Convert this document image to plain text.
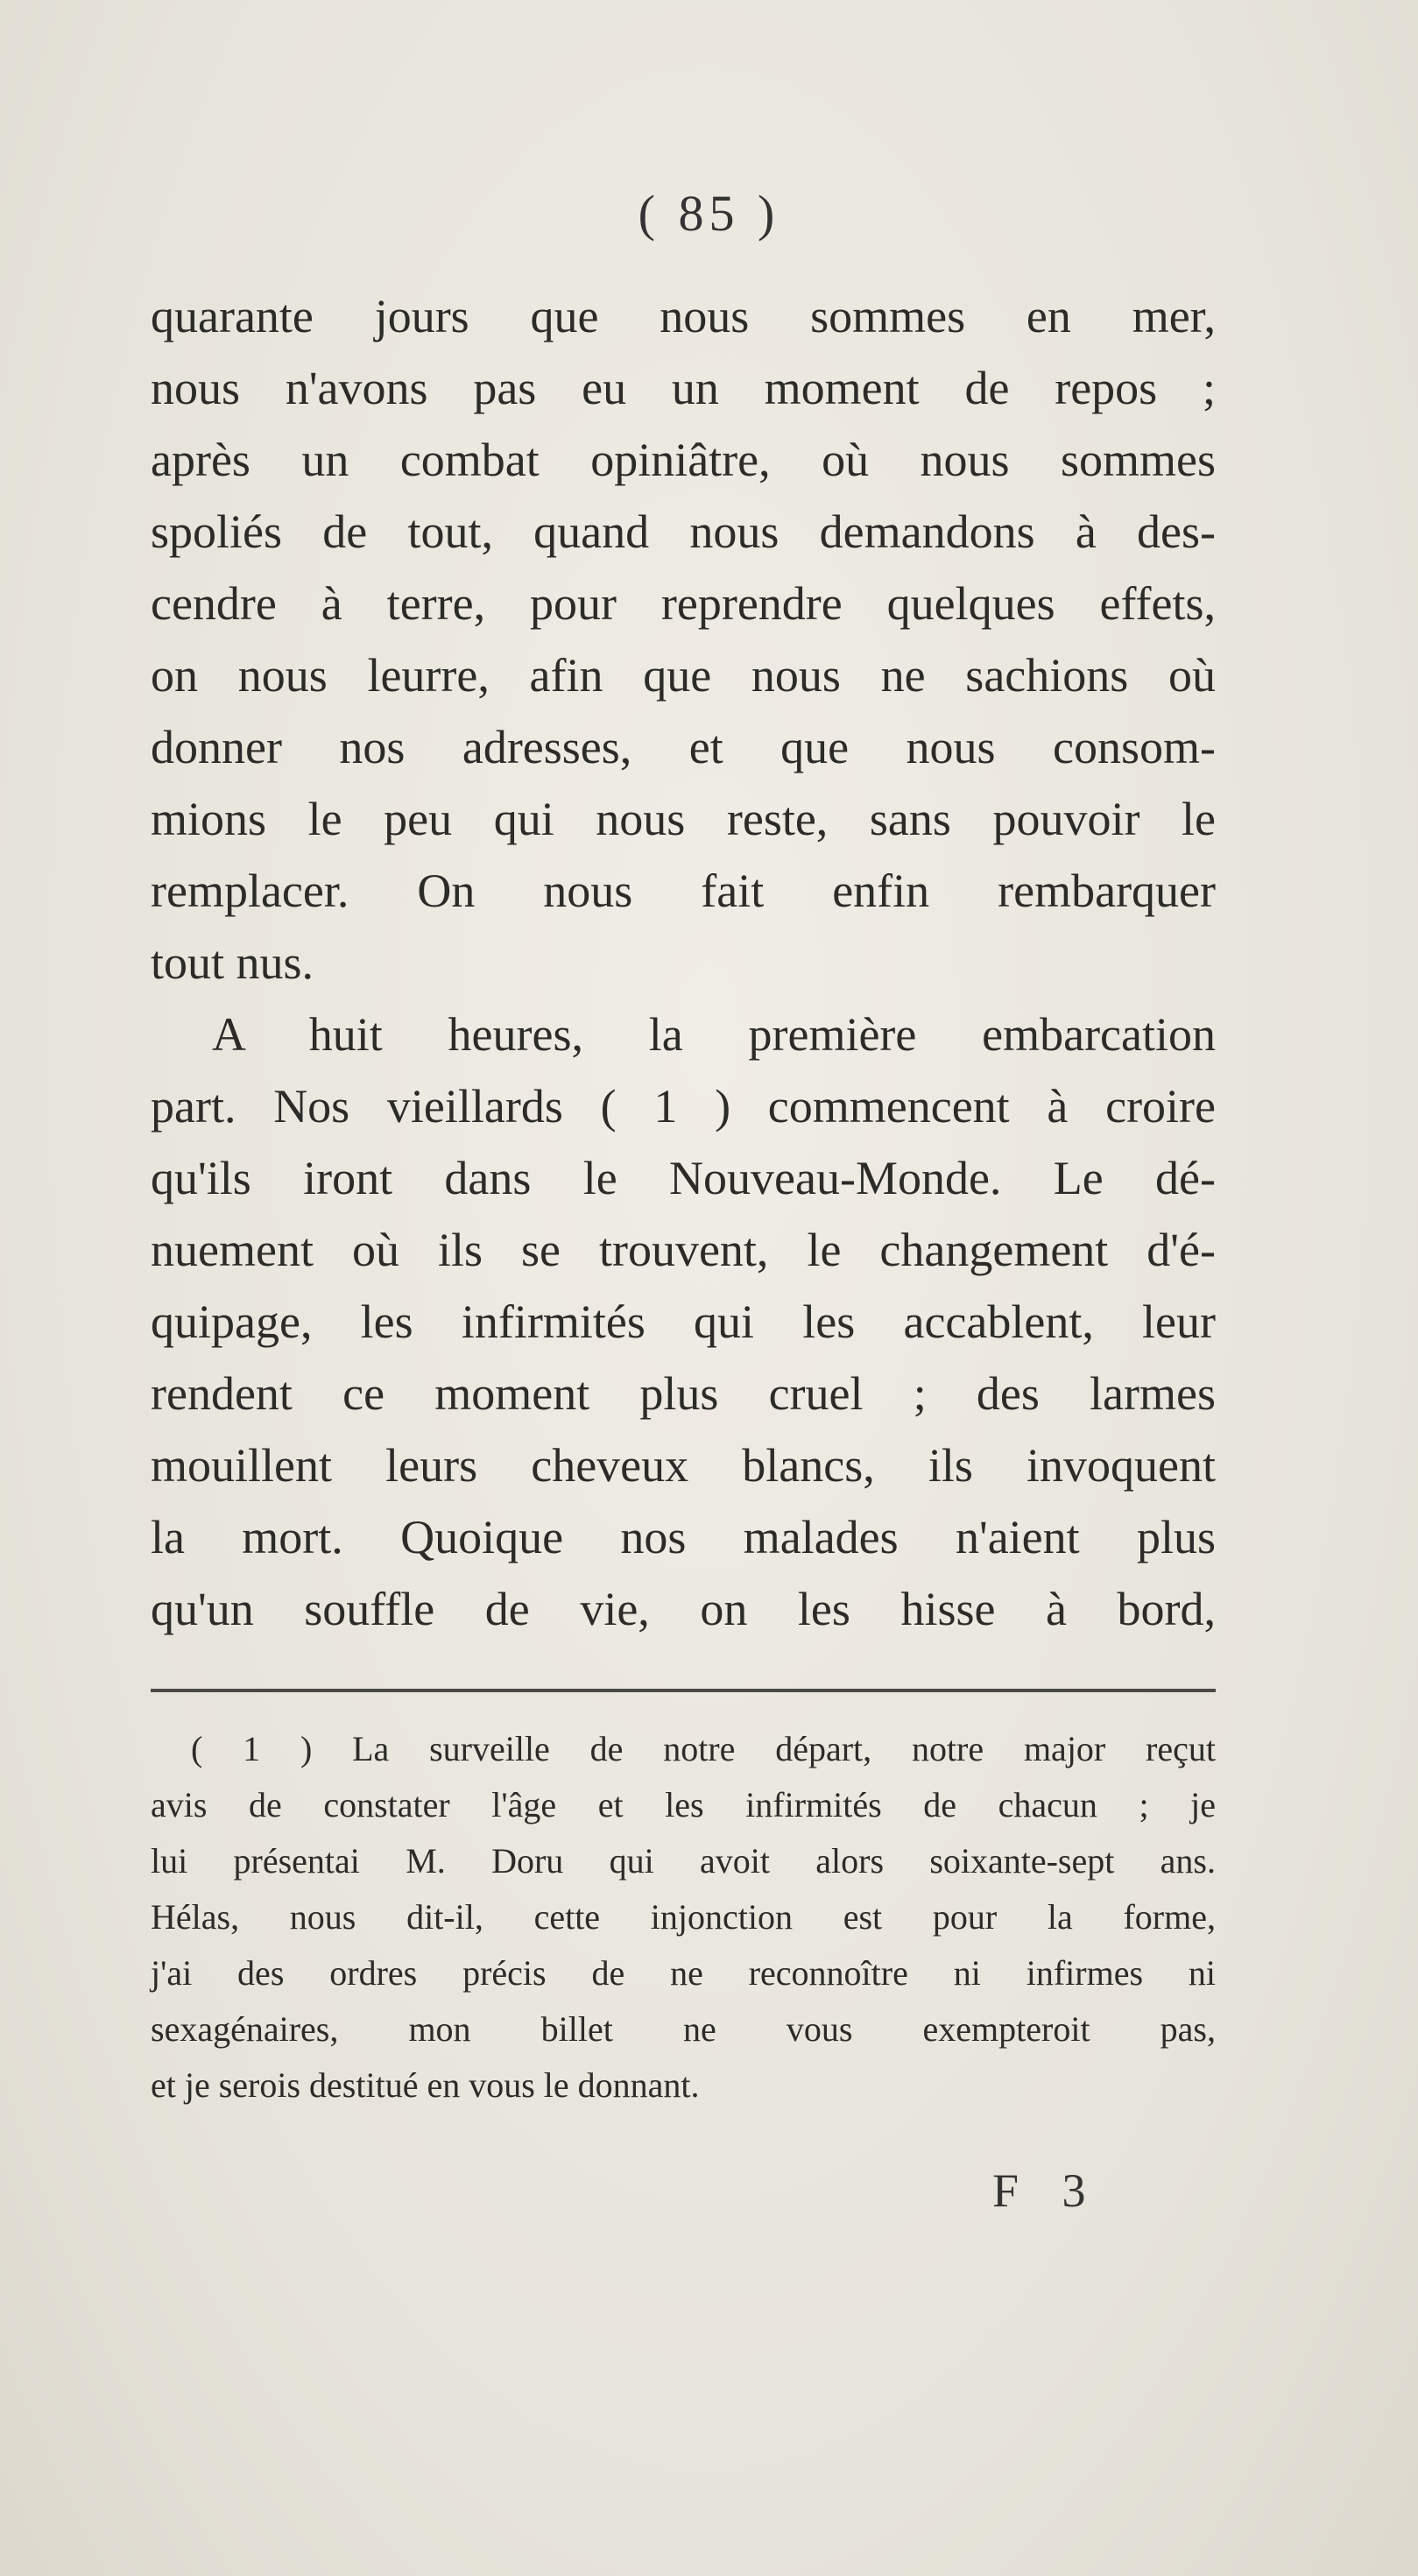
( 85 )
quarante jours que nous sommes en mer,
nous n'avons pas eu un moment de repos ;
après un combat opiniâtre, où nous sommes
spoliés de tout, quand nous demandons à des-
cendre à terre, pour reprendre quelques effets,
on nous leurre, afin que nous ne sachions où
donner nos adresses, et que nous consom-
mions le peu qui nous reste, sans pouvoir le
remplacer. On nous fait enfin rembarquer
tout nus.
A huit heures, la première embarcation
part. Nos vieillards ( 1 ) commencent à croire
qu'ils iront dans le Nouveau-Monde. Le dé-
nuement où ils se trouvent, le changement d'é-
quipage, les infirmités qui les accablent, leur
rendent ce moment plus cruel ; des larmes
mouillent leurs cheveux blancs, ils invoquent
la mort. Quoique nos malades n'aient plus
qu'un souffle de vie, on les hisse à bord,
( 1 ) La surveille de notre départ, notre major reçut
avis de constater l'âge et les infirmités de chacun ; je
lui présentai M. Doru qui avoit alors soixante-sept ans.
Hélas, nous dit-il, cette injonction est pour la forme,
j'ai des ordres précis de ne reconnoître ni infirmes ni
sexagénaires, mon billet ne vous exempteroit pas,
et je serois destitué en vous le donnant.
F 3
